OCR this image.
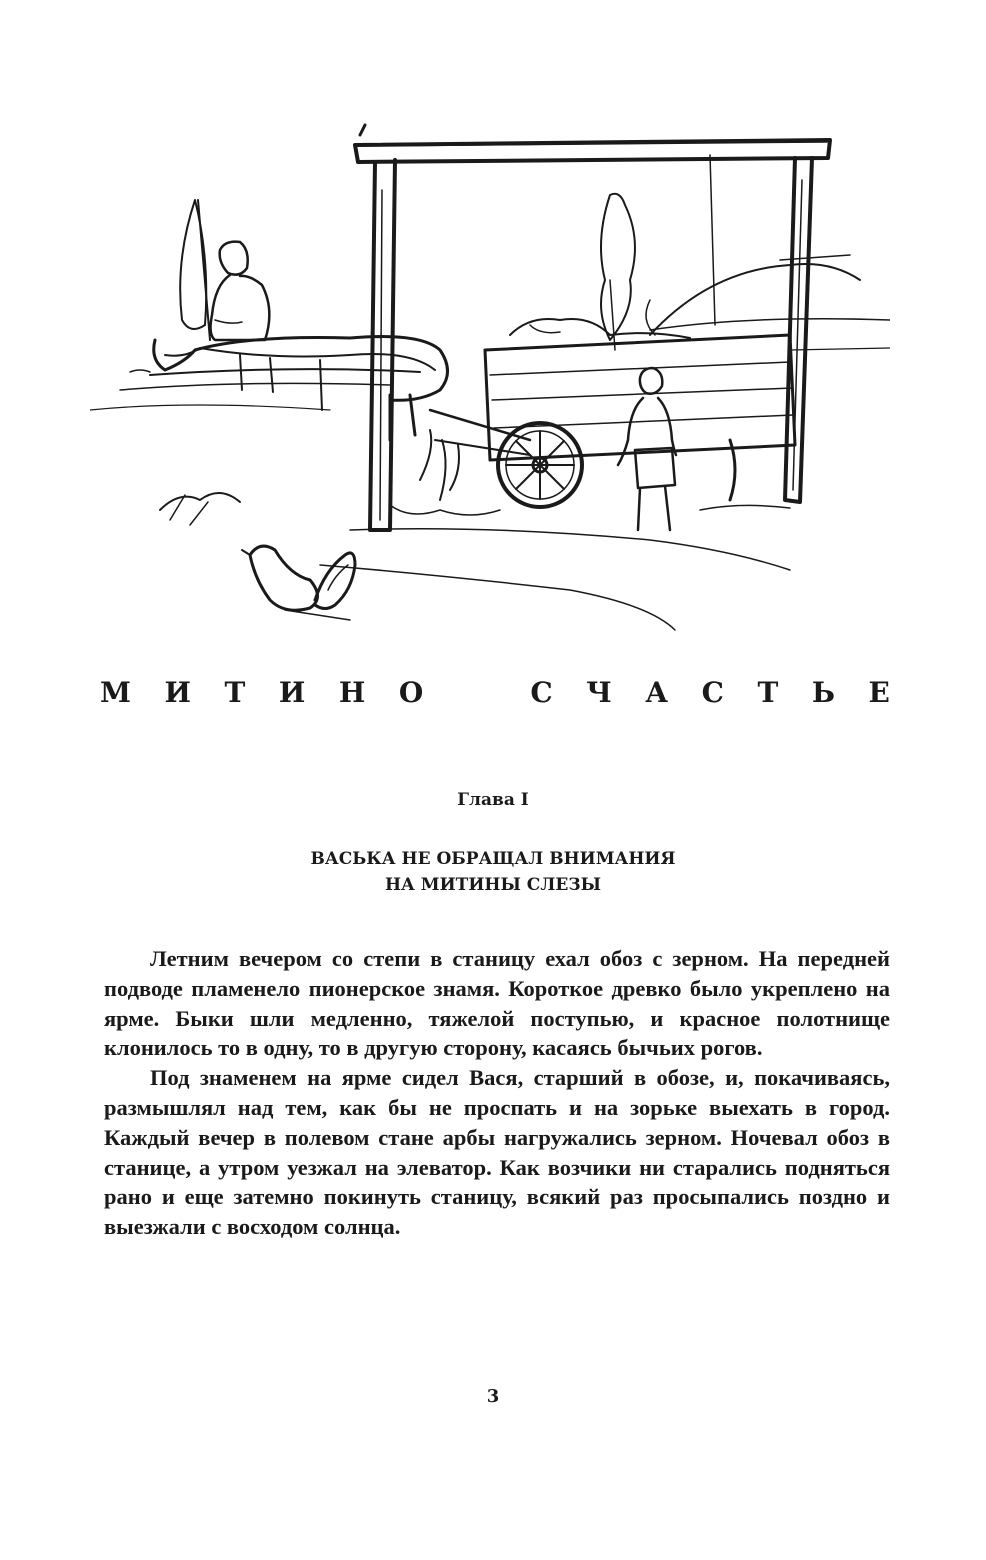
М И Т И Н О	С Ч А С Т Ь Е
Глава I
ВАСЬКА НЕ ОБРАЩАЛ ВНИМАНИЯ
НА МИТИНЫ СЛЕЗЫ

Летним вечером со степи в станицу ехал обоз с зерном. На передней подводе пламенело пионерское знамя. Короткое древко было укреплено на ярме. Быки шли медленно, тяжелой поступью, и красное полотнище клонилось то в одну, то в другую сторону, касаясь бычьих рогов.

Под знаменем на ярме сидел Вася, старший в обозе, и, покачиваясь, размышлял над тем, как бы не проспать и на зорьке выехать в город. Каждый вечер в полевом стане арбы нагружались зерном. Ночевал обоз в станице, а утром уезжал на элеватор. Как возчики ни старались подняться рано и еще затемно покинуть станицу, всякий раз просыпались поздно и выезжали с восходом солнца.

3
